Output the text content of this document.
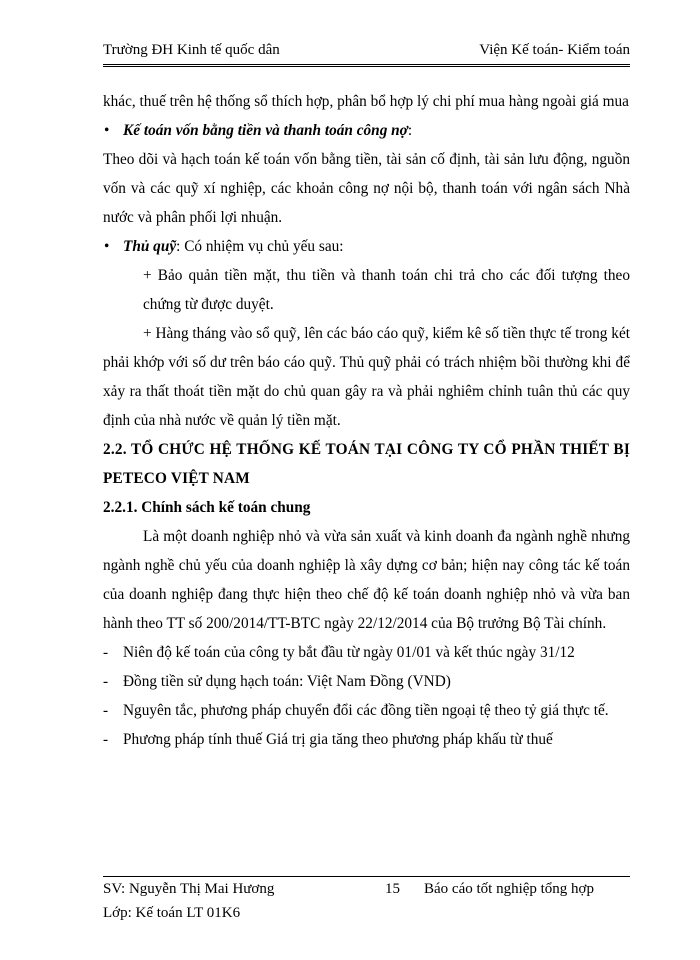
Trường ĐH Kinh tế quốc dân	Viện Kế toán- Kiểm toán

khác, thuế trên hệ thống sổ thích hợp, phân bổ hợp lý chi phí mua hàng ngoài giá mua

• Kế toán vốn bằng tiền và thanh toán công nợ:

Theo dõi và hạch toán kế toán vốn bằng tiền, tài sản cố định, tài sản lưu động, nguồn vốn và các quỹ xí nghiệp, các khoản công nợ nội bộ, thanh toán với ngân sách Nhà nước và phân phối lợi nhuận.

• Thủ quỹ: Có nhiệm vụ chủ yếu sau:

+ Bảo quản tiền mặt, thu tiền và thanh toán chi trả cho các đối tượng theo chứng từ được duyệt.

+ Hàng tháng vào sổ quỹ, lên các báo cáo quỹ, kiểm kê số tiền thực tế trong két phải khớp với số dư trên báo cáo quỹ. Thủ quỹ phải có trách nhiệm bồi thường khi để xảy ra thất thoát tiền mặt do chủ quan gây ra và phải nghiêm chỉnh tuân thủ các quy định của nhà nước về quản lý tiền mặt.

2.2. TỔ CHỨC HỆ THỐNG KẾ TOÁN TẠI CÔNG TY CỔ PHẦN THIẾT BỊ PETECO VIỆT NAM

2.2.1. Chính sách kế toán chung

Là một doanh nghiệp nhỏ và vừa sản xuất và kinh doanh đa ngành nghề nhưng ngành nghề chủ yếu của doanh nghiệp là xây dựng cơ bản; hiện nay công tác kế toán của doanh nghiệp đang thực hiện theo chế độ kế toán doanh nghiệp nhỏ và vừa ban hành theo TT số 200/2014/TT-BTC ngày 22/12/2014 của Bộ trưởng Bộ Tài chính.

- Niên độ kế toán của công ty bắt đầu từ ngày 01/01 và kết thúc ngày 31/12

- Đồng tiền sử dụng hạch toán: Việt Nam Đồng (VND)

- Nguyên tắc, phương pháp chuyển đổi các đồng tiền ngoại tệ theo tỷ giá thực tế.

- Phương pháp tính thuế Giá trị gia tăng theo phương pháp khấu từ thuế

SV: Nguyễn Thị Mai Hương
Lớp: Kế toán LT 01K6
15 Báo cáo tốt nghiệp tổng hợp
